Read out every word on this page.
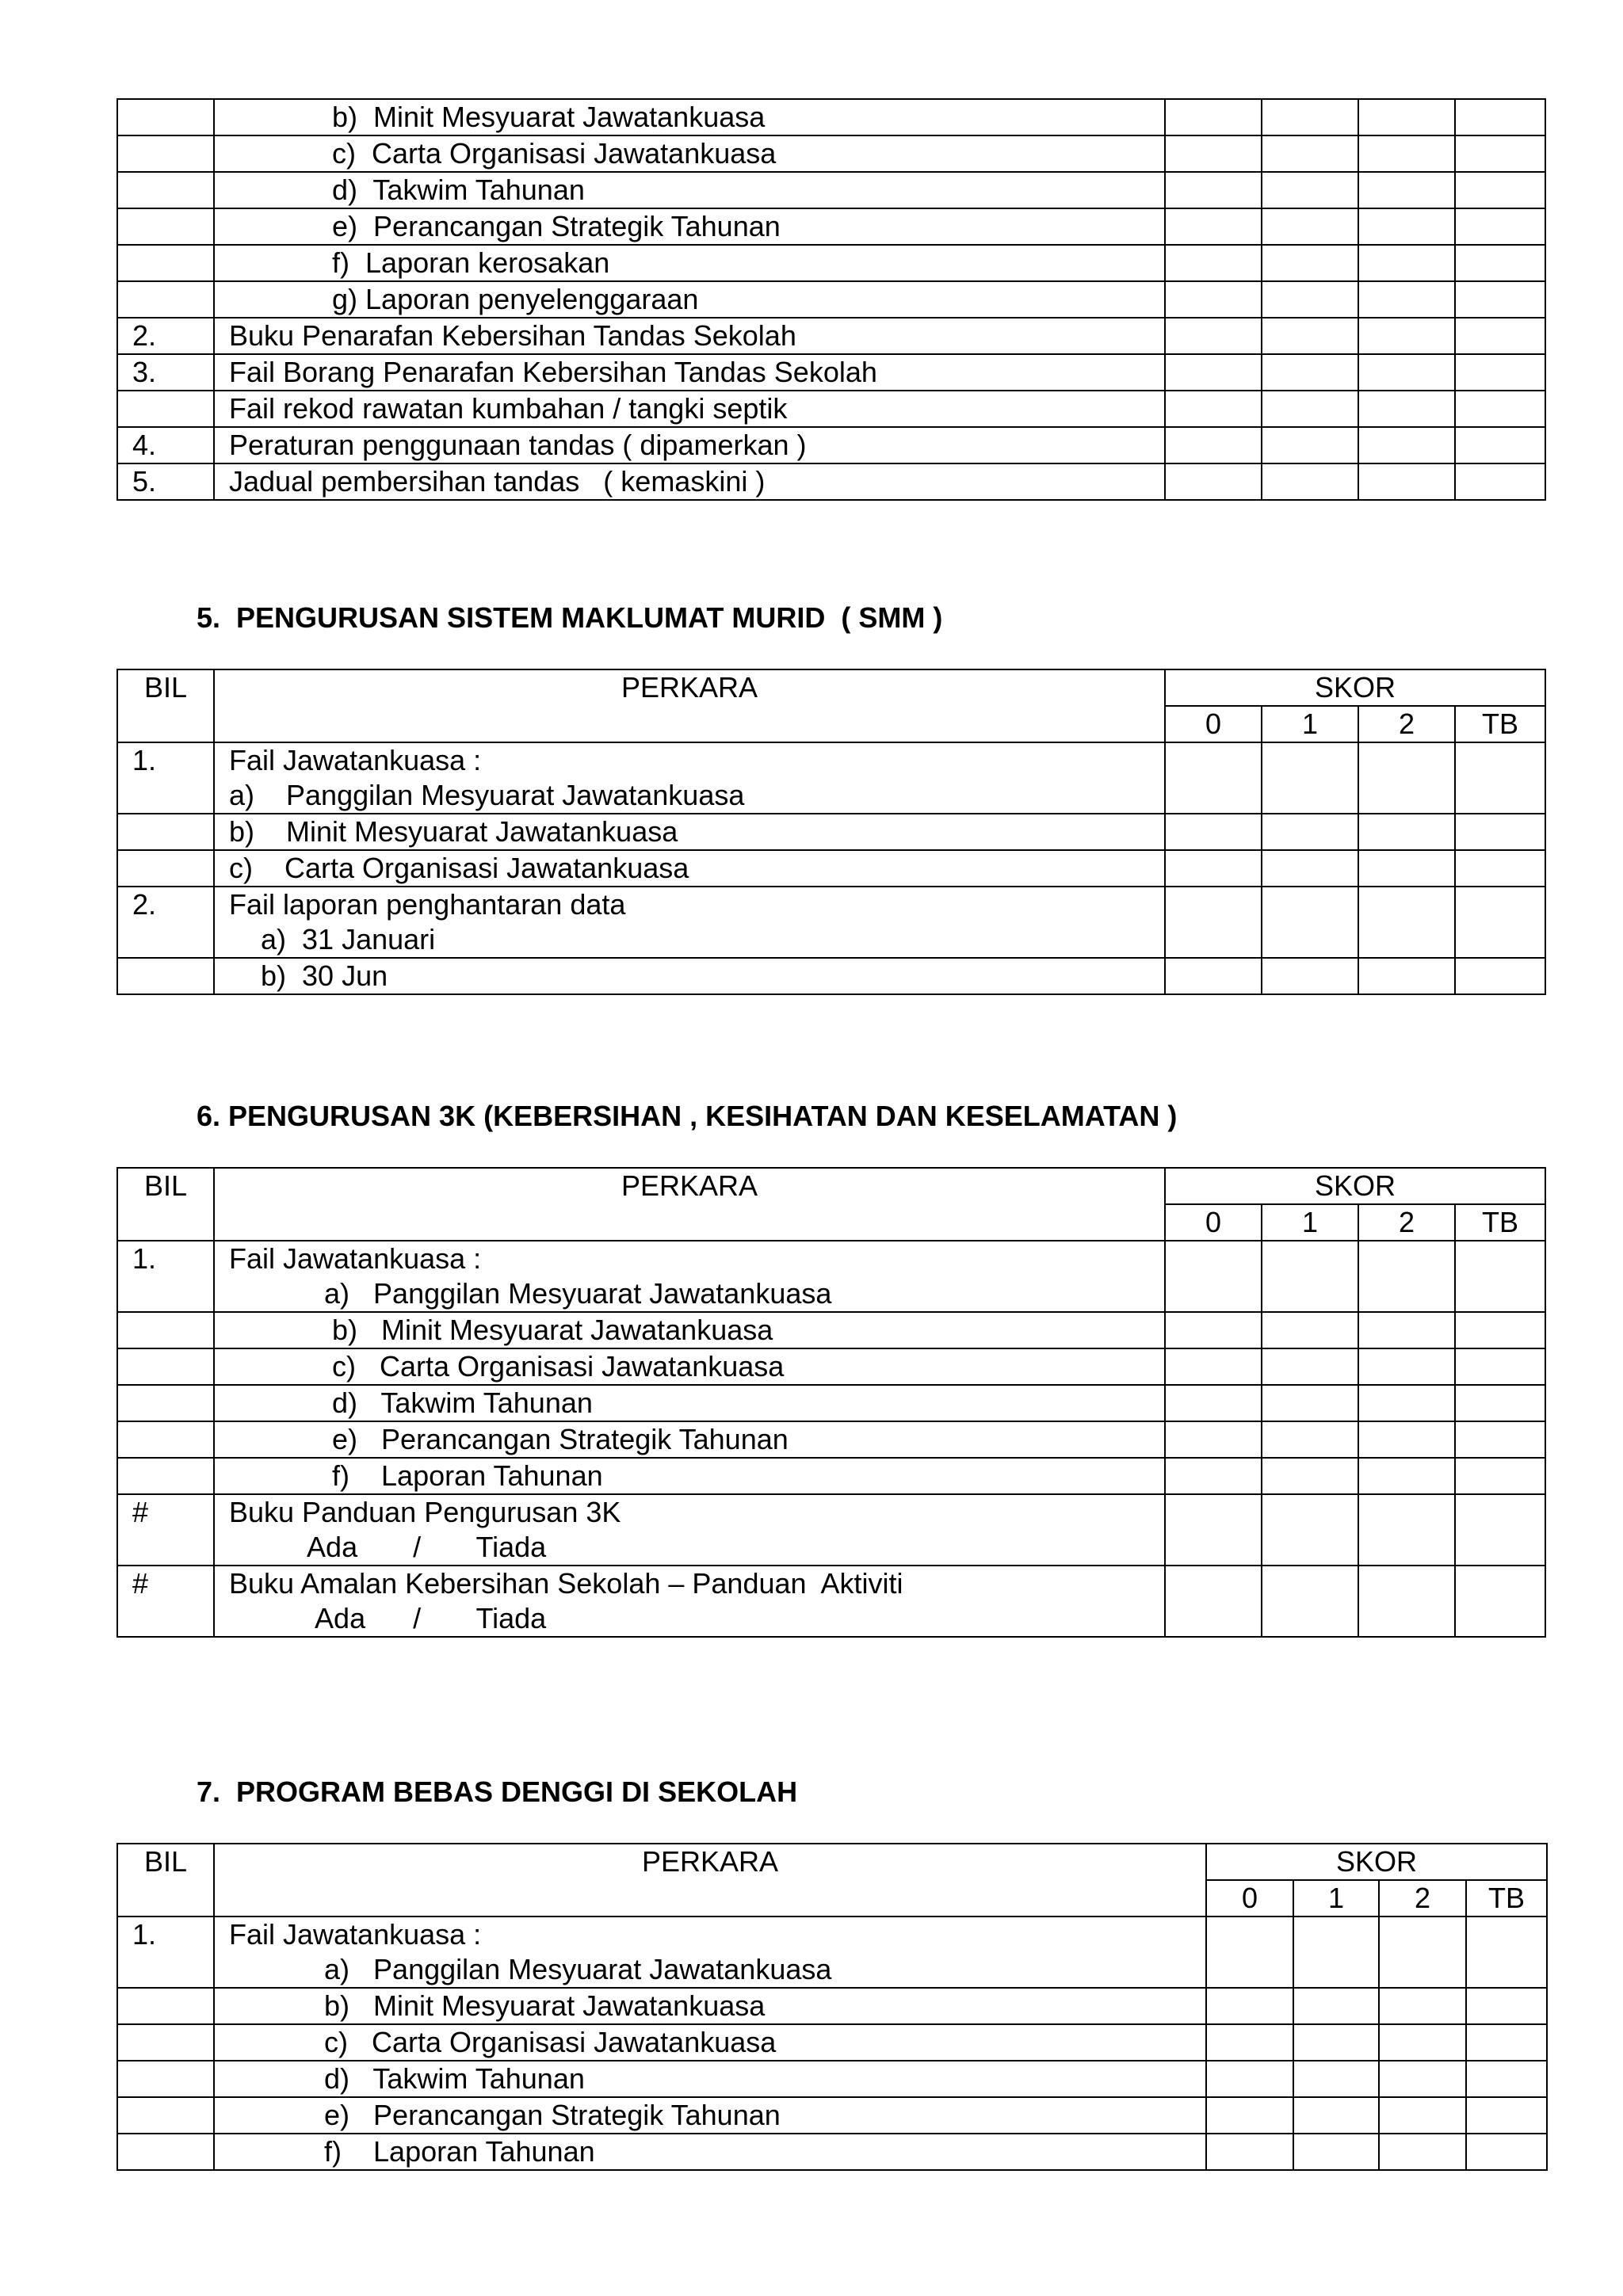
	b)  Minit Mesyuarat Jawatankuasa				

	c)  Carta Organisasi Jawatankuasa				

	d)  Takwim Tahunan				

	e)  Perancangan Strategik Tahunan				

	f)  Laporan kerosakan				

	g) Laporan penyelenggaraan				

2.	Buku Penarafan Kebersihan Tandas Sekolah				

3.	Fail Borang Penarafan Kebersihan Tandas Sekolah				

	Fail rekod rawatan kumbahan / tangki septik				

4.	Peraturan penggunaan tandas ( dipamerkan )				

5.	Jadual pembersihan tandas   ( kemaskini )				

5.  PENGURUSAN SISTEM MAKLUMAT MURID  ( SMM )
BIL	PERKARA	SKOR			
		0	1	2	TB
1.	Fail Jawatankuasa :
a)    Panggilan Mesyuarat Jawatankuasa				

	b)    Minit Mesyuarat Jawatankuasa				

	c)    Carta Organisasi Jawatankuasa				

2.	Fail laporan penghantaran data
a)  31 Januari				

	b)  30 Jun				

6. PENGURUSAN 3K (KEBERSIHAN , KESIHATAN DAN KESELAMATAN )
BIL	PERKARA	SKOR			
		0	1	2	TB
1.	Fail Jawatankuasa :
a)   Panggilan Mesyuarat Jawatankuasa				

	b)   Minit Mesyuarat Jawatankuasa				

	c)   Carta Organisasi Jawatankuasa				

	d)   Takwim Tahunan				

	e)   Perancangan Strategik Tahunan				

	f)    Laporan Tahunan				

#	Buku Panduan Pengurusan 3K
Ada       /       Tiada				

#	Buku Amalan Kebersihan Sekolah – Panduan  Aktiviti
Ada      /       Tiada				

7.  PROGRAM BEBAS DENGGI DI SEKOLAH
BIL	PERKARA	SKOR			
		0	1	2	TB
1.	Fail Jawatankuasa :
a)   Panggilan Mesyuarat Jawatankuasa				

	b)   Minit Mesyuarat Jawatankuasa				

	c)   Carta Organisasi Jawatankuasa				

	d)   Takwim Tahunan				

	e)   Perancangan Strategik Tahunan				

	f)    Laporan Tahunan				
